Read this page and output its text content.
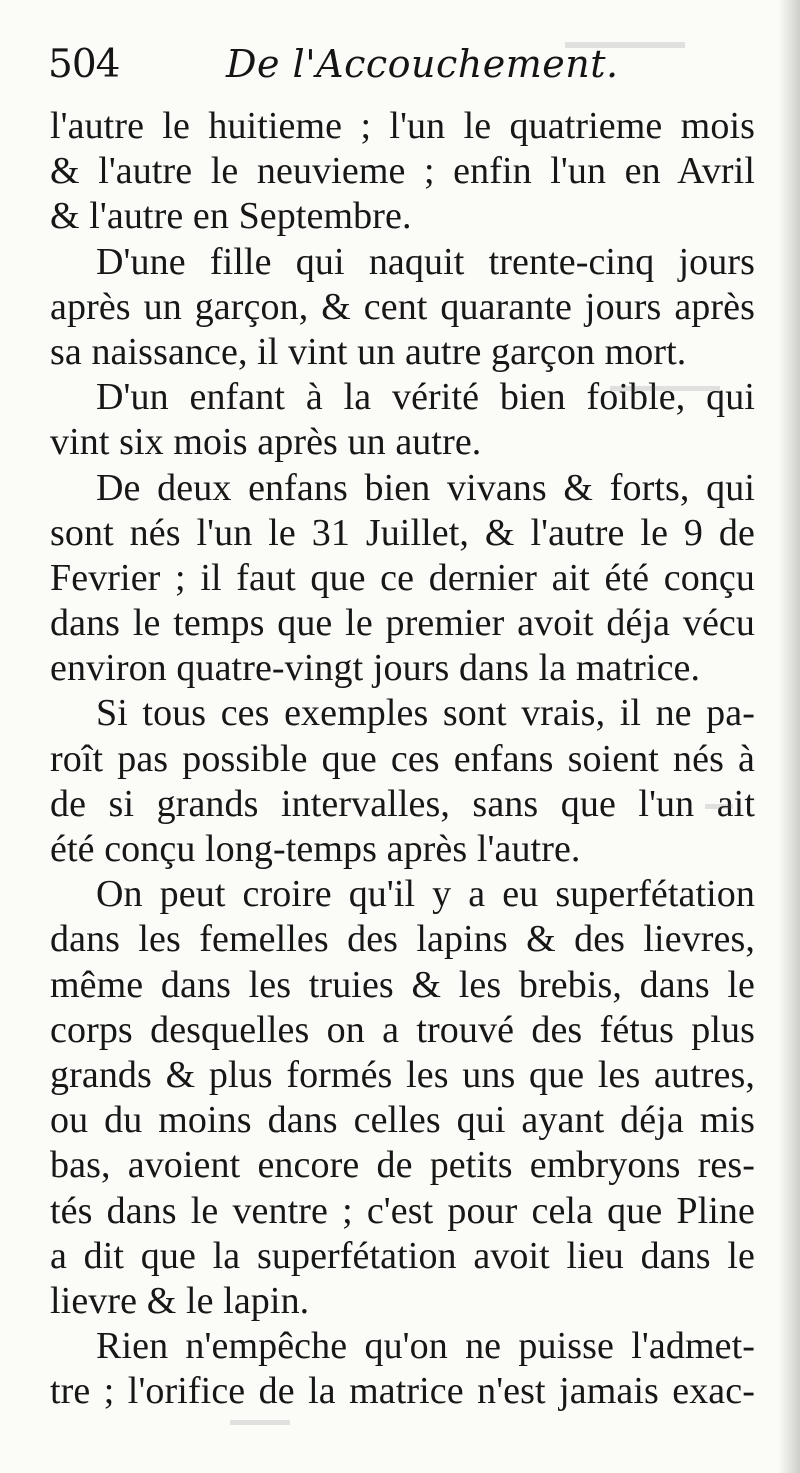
504	De l'Accouchement.
l'autre le huitieme ; l'un le quatrieme mois
& l'autre le neuvieme ; enfin l'un en Avril
& l'autre en Septembre.
D'une fille qui naquit trente-cinq jours
après un garçon, & cent quarante jours après
sa naissance, il vint un autre garçon mort.
D'un enfant à la vérité bien foible, qui
vint six mois après un autre.
De deux enfans bien vivans & forts, qui
sont nés l'un le 31 Juillet, & l'autre le 9 de
Fevrier ; il faut que ce dernier ait été conçu
dans le temps que le premier avoit déja vécu
environ quatre-vingt jours dans la matrice.
Si tous ces exemples sont vrais, il ne pa-
roît pas possible que ces enfans soient nés à
de si grands intervalles, sans que l'un ait
été conçu long-temps après l'autre.
On peut croire qu'il y a eu superfétation
dans les femelles des lapins & des lievres,
même dans les truies & les brebis, dans le
corps desquelles on a trouvé des fétus plus
grands & plus formés les uns que les autres,
ou du moins dans celles qui ayant déja mis
bas, avoient encore de petits embryons res-
tés dans le ventre ; c'est pour cela que Pline
a dit que la superfétation avoit lieu dans le
lievre & le lapin.
Rien n'empêche qu'on ne puisse l'admet-
tre ; l'orifice de la matrice n'est jamais exac-
